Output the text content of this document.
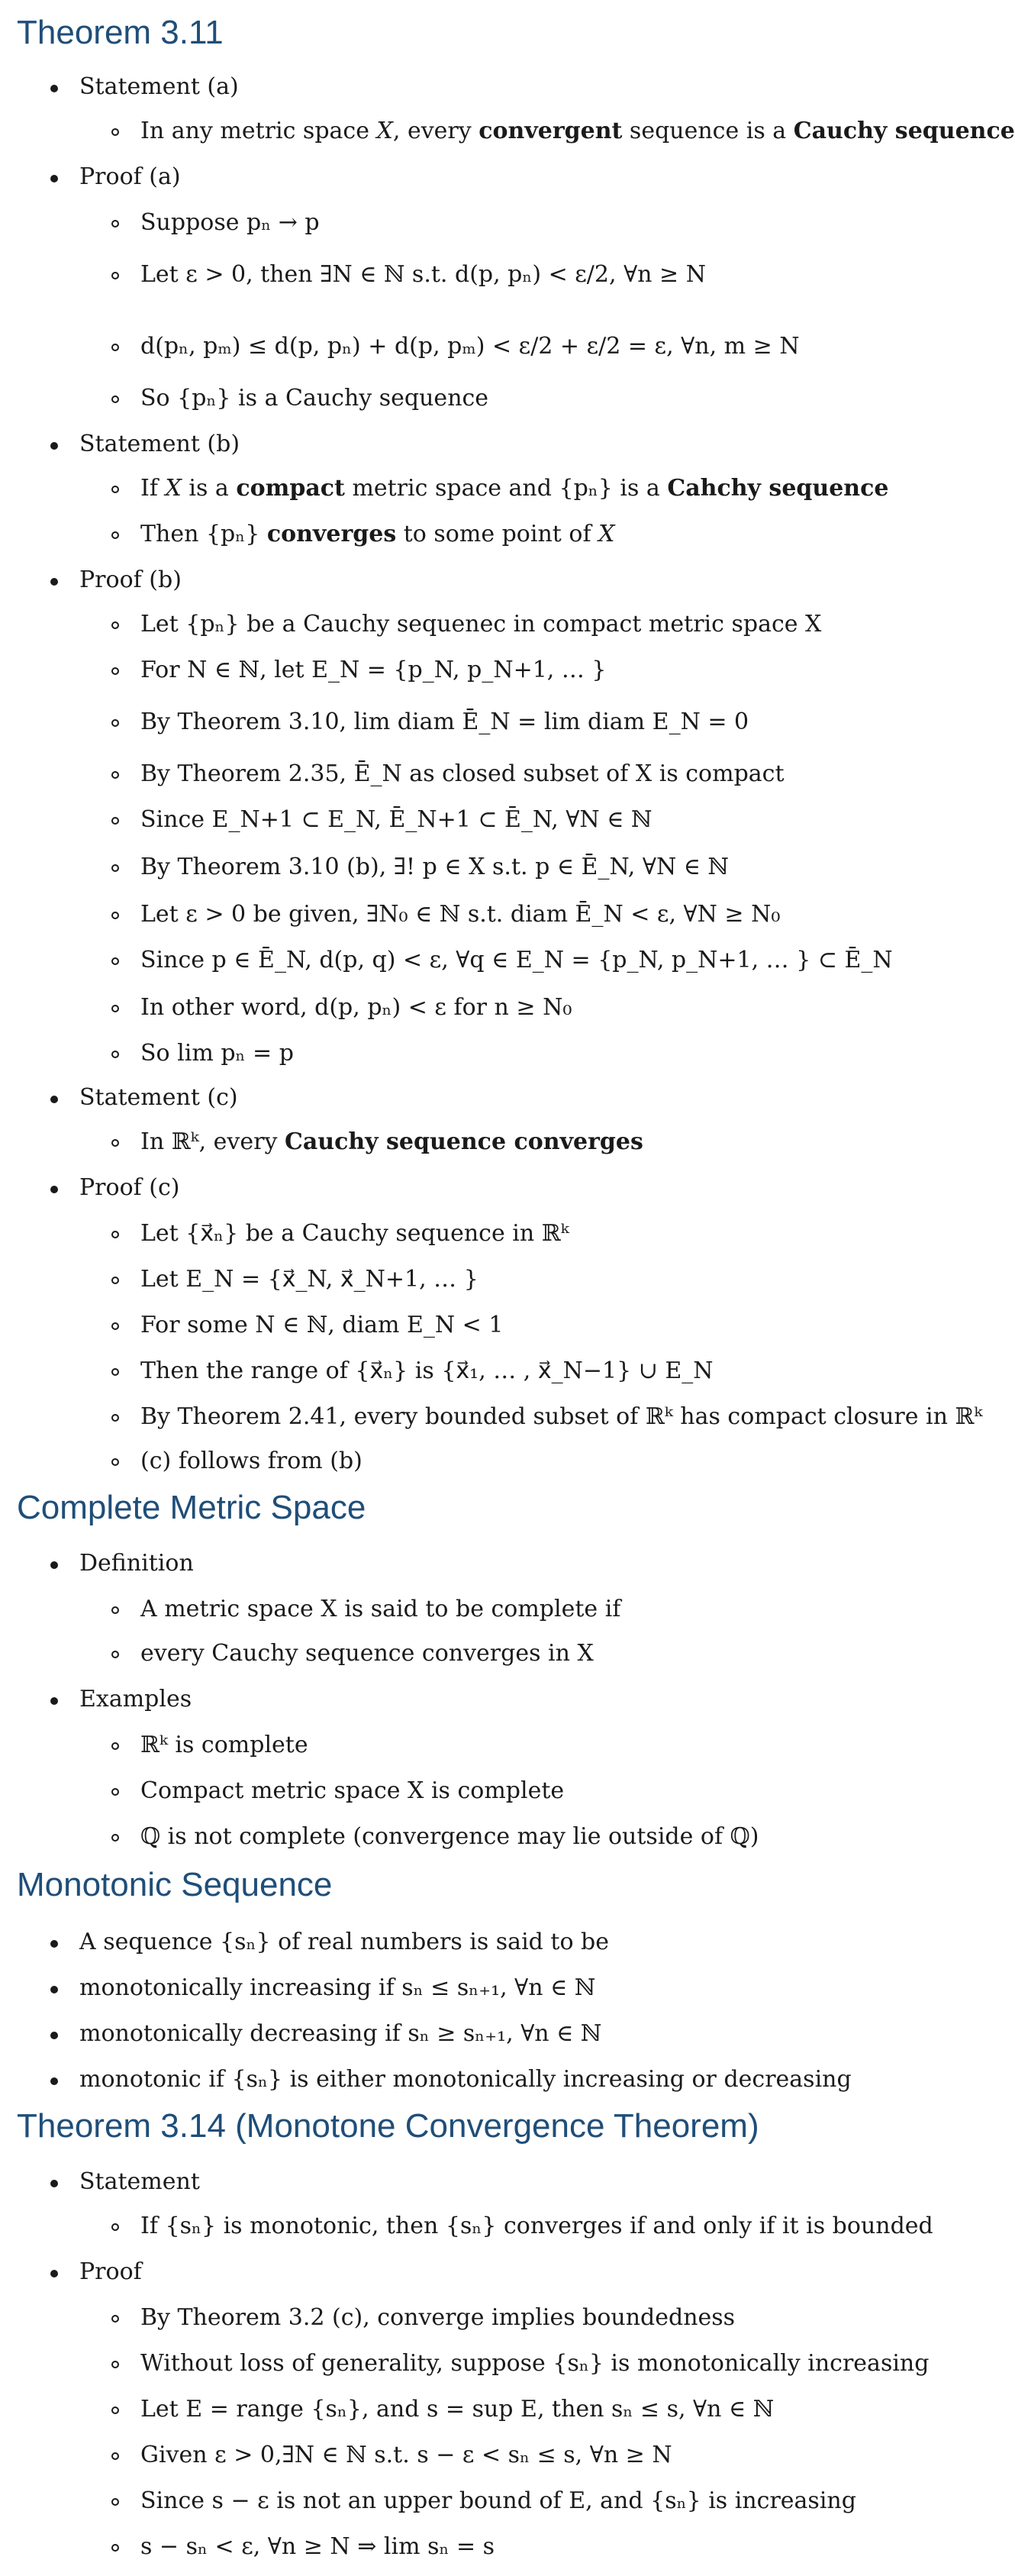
Theorem 3.11
Statement (a)
In any metric space X, every convergent sequence is a Cauchy sequence
Proof (a)
Suppose pₙ → p
Let ε > 0, then ∃N ∈ ℕ s.t. d(p, pₙ) < ε/2, ∀n ≥ N
d(pₙ, pₘ) ≤ d(p, pₙ) + d(p, pₘ) < ε/2 + ε/2 = ε, ∀n, m ≥ N
So {pₙ} is a Cauchy sequence
Statement (b)
If X is a compact metric space and {pₙ} is a Cahchy sequence
Then {pₙ} converges to some point of X
Proof (b)
Let {pₙ} be a Cauchy sequenec in compact metric space X
For N ∈ ℕ, let E_N = {p_N, p_N+1, … }
By Theorem 3.10, lim diam Ē_N = lim diam E_N = 0
By Theorem 2.35, Ē_N as closed subset of X is compact
Since E_N+1 ⊂ E_N, Ē_N+1 ⊂ Ē_N, ∀N ∈ ℕ
By Theorem 3.10 (b), ∃! p ∈ X s.t. p ∈ Ē_N, ∀N ∈ ℕ
Let ε > 0 be given, ∃N₀ ∈ ℕ s.t. diam Ē_N < ε, ∀N ≥ N₀
Since p ∈ Ē_N, d(p, q) < ε, ∀q ∈ E_N = {p_N, p_N+1, … } ⊂ Ē_N
In other word, d(p, pₙ) < ε for n ≥ N₀
So lim pₙ = p
Statement (c)
In ℝᵏ, every Cauchy sequence converges
Proof (c)
Let {x⃗ₙ} be a Cauchy sequence in ℝᵏ
Let E_N = {x⃗_N, x⃗_N+1, … }
For some N ∈ ℕ, diam E_N < 1
Then the range of {x⃗ₙ} is {x⃗₁, … , x⃗_N−1} ∪ E_N
By Theorem 2.41, every bounded subset of ℝᵏ has compact closure in ℝᵏ
(c) follows from (b)
Complete Metric Space
Definition
A metric space X is said to be complete if
every Cauchy sequence converges in X
Examples
ℝᵏ is complete
Compact metric space X is complete
ℚ is not complete (convergence may lie outside of ℚ)
Monotonic Sequence
A sequence {sₙ} of real numbers is said to be
monotonically increasing if sₙ ≤ sₙ₊₁, ∀n ∈ ℕ
monotonically decreasing if sₙ ≥ sₙ₊₁, ∀n ∈ ℕ
monotonic if {sₙ} is either monotonically increasing or decreasing
Theorem 3.14 (Monotone Convergence Theorem)
Statement
If {sₙ} is monotonic, then {sₙ} converges if and only if it is bounded
Proof
By Theorem 3.2 (c), converge implies boundedness
Without loss of generality, suppose {sₙ} is monotonically increasing
Let E = range {sₙ}, and s = sup E, then sₙ ≤ s, ∀n ∈ ℕ
Given ε > 0,∃N ∈ ℕ s.t. s − ε < sₙ ≤ s, ∀n ≥ N
Since s − ε is not an upper bound of E, and {sₙ} is increasing
s − sₙ < ε, ∀n ≥ N ⇒ lim sₙ = s
